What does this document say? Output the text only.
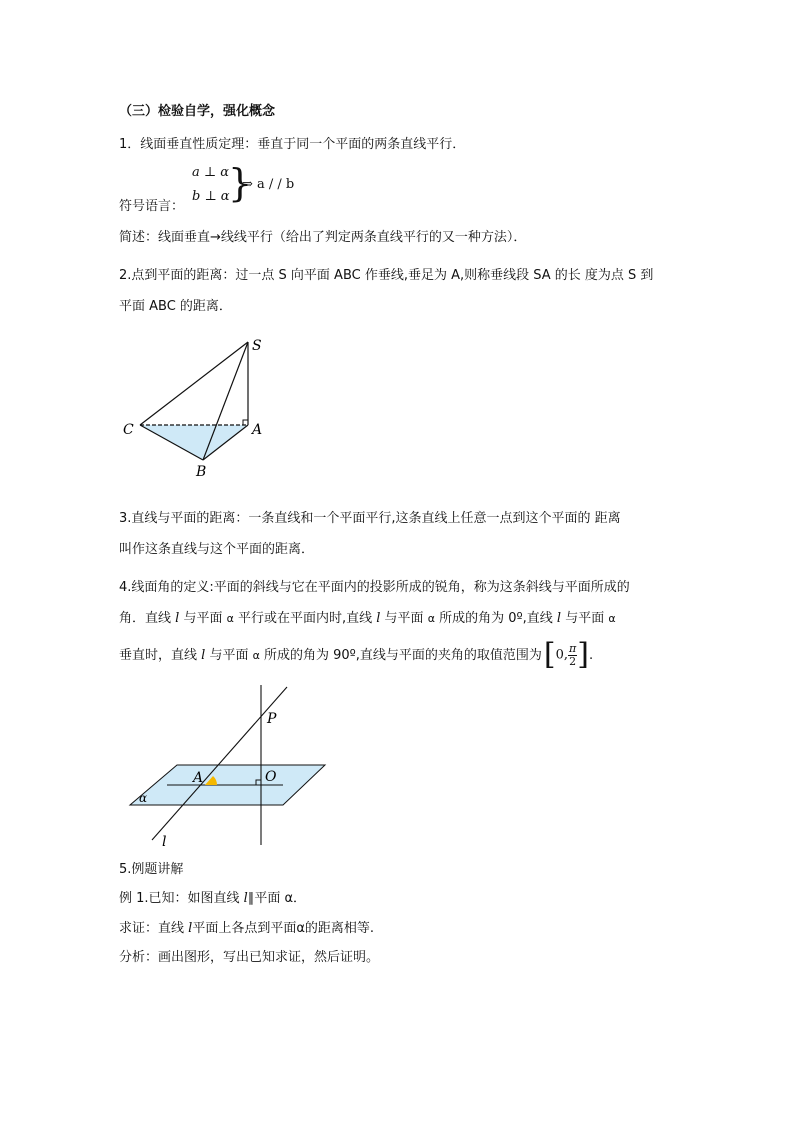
（三）检验自学，强化概念
1．线面垂直性质定理：垂直于同一个平面的两条直线平行．
a ⊥ α
b ⊥ α
}
⇒ a / / b
符号语言：
简述：线面垂直→线线平行（给出了判定两条直线平行的又一种方法）．
2.点到平面的距离：过一点 S 向平面 ABC 作垂线,垂足为 A,则称垂线段 SA 的长 度为点 S 到
平面 ABC 的距离．
S
A
C
B
3.直线与平面的距离：一条直线和一个平面平行,这条直线上任意一点到这个平面的 距离
叫作这条直线与这个平面的距离．
4.线面角的定义:平面的斜线与它在平面内的投影所成的锐角，称为这条斜线与平面所成的
角．直线 l 与平面 α 平行或在平面内时,直线 l 与平面 α 所成的角为 0º,直线 l 与平面 α
垂直时，直线 l 与平面 α 所成的角为 90º,直线与平面的夹角的取值范围为[0, $\frac{\pi}{2}$ ].
P
A	O
α
l
5.例题讲解
例 1.已知：如图直线 l∥平面 α．
求证：直线 l平面上各点到平面α的距离相等.
分析：画出图形，写出已知求证，然后证明。
